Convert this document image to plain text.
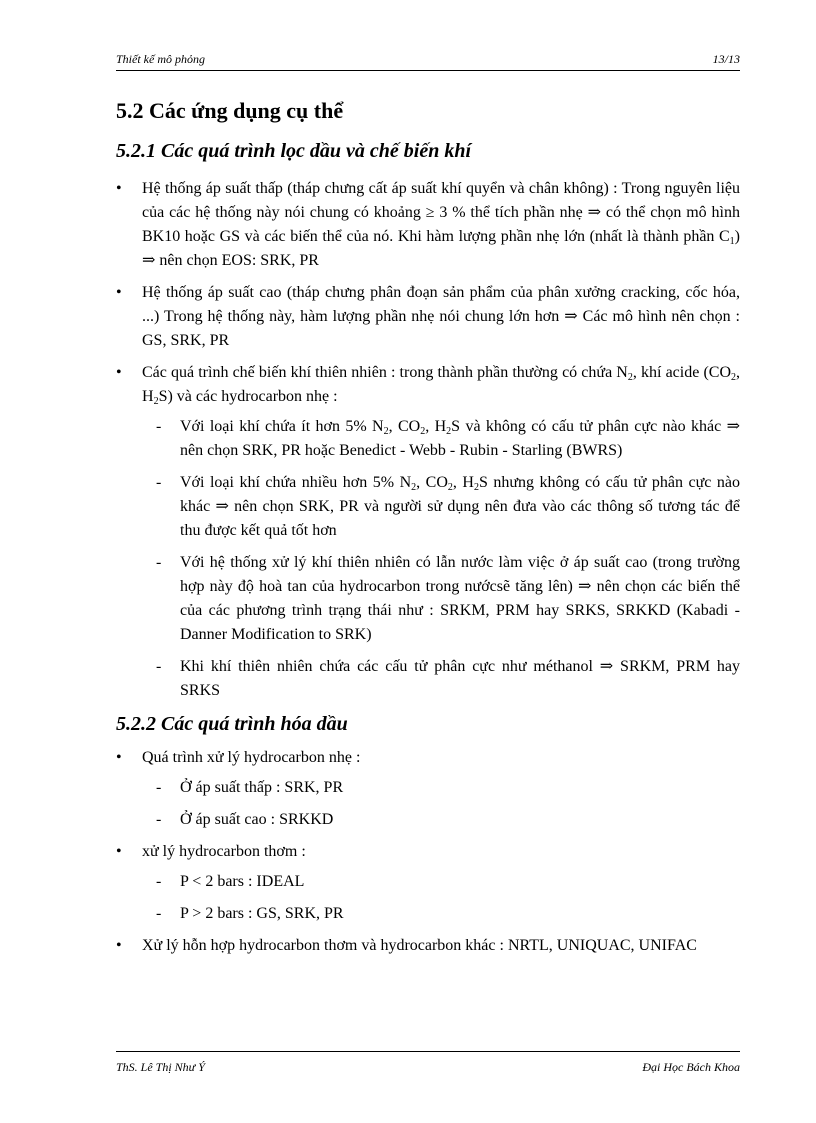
Thiết kế mô phỏng	13/13
5.2 Các ứng dụng cụ thể
5.2.1 Các quá trình lọc dầu và chế biến khí
• Hệ thống áp suất thấp (tháp chưng cất áp suất khí quyển và chân không) : Trong nguyên liệu của các hệ thống này nói chung có khoảng ≥ 3 % thể tích phần nhẹ ⇒ có thể chọn mô hình BK10 hoặc GS và các biến thể của nó. Khi hàm lượng phần nhẹ lớn (nhất là thành phần $C_1$) ⇒ nên chọn EOS: SRK, PR
• Hệ thống áp suất cao (tháp chưng phân đoạn sản phẩm của phân xưởng cracking, cốc hóa, ...) Trong hệ thống này, hàm lượng phần nhẹ nói chung lớn hơn ⇒ Các mô hình nên chọn : GS, SRK, PR
• Các quá trình chế biến khí thiên nhiên : trong thành phần thường có chứa $N_2$, khí acide ($CO_2$, $H_2S$) và các hydrocarbon nhẹ :
- Với loại khí chứa ít hơn 5% $N_2$, $CO_2$, $H_2S$ và không có cấu tử phân cực nào khác ⇒ nên chọn SRK, PR hoặc Benedict ‑ Webb ‑ Rubin ‑ Starling (BWRS)
- Với loại khí chứa nhiều hơn 5% $N_2$, $CO_2$, $H_2S$ nhưng không có cấu tử phân cực nào khác ⇒ nên chọn SRK, PR và người sử dụng nên đưa vào các thông số tương tác để thu được kết quả tốt hơn
- Với hệ thống xử lý khí thiên nhiên có lẫn nước làm việc ở áp suất cao (trong trường hợp này độ hoà tan của hydrocarbon trong nướcsẽ tăng lên) ⇒ nên chọn các biến thể của các phương trình trạng thái như : SRKM, PRM hay SRKS, SRKKD (Kabadi ‑ Danner Modification to SRK)
- Khi khí thiên nhiên chứa các cấu tử phân cực như méthanol ⇒ SRKM, PRM hay SRKS
5.2.2 Các quá trình hóa dầu
• Quá trình xử lý hydrocarbon nhẹ :
- Ở áp suất thấp : SRK, PR
- Ở áp suất cao : SRKKD
• xử lý hydrocarbon thơm :
- P < 2 bars : IDEAL
- P > 2 bars : GS, SRK, PR
• Xử lý hỗn hợp hydrocarbon thơm và hydrocarbon khác : NRTL, UNIQUAC, UNIFAC
ThS. Lê Thị Như Ý	Đại Học Bách Khoa
